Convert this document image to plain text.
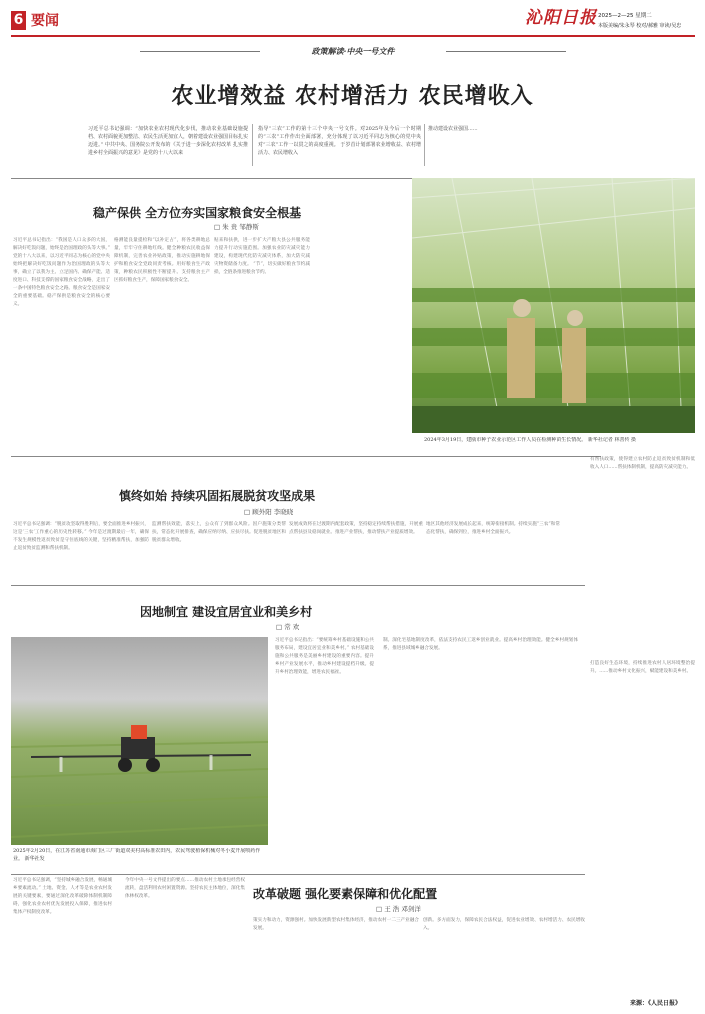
6 要闻	沁阳日报 2025—2—25 星期二
本版美编/朱永琴 校对/郝雅 审读/吴忠
政策解读·中央一号文件
农业增效益 农村增活力 农民增收入
习近平总书记强调：“加快农业农村现代化步伐，推动农业基础设施提档、农村面貌更加整洁、农民生活更加宜人，朝着建设农业强国目标扎实迈进。” 中共中央、国务院公开发布的《关于进一步深化农村改革 扎实推进乡村全面振兴的意见》是党的十八大以来
指导“三农”工作的第十三个中央一号文件。对2025年及今后一个时期的“三农”工作作出全面部署，充分体现了以习近平同志为核心的党中央对“三农”工作一以贯之的高度重视。 于岁首计划部署农业增收益、农村增活力、农民增收入
推动建设农业强国......
稳产保供 全方位夯实国家粮食安全根基
□ 朱 贵 邹静斯
习近平总书记指出：“我国是人口众多的大国，解决好吃饭问题，始终是治国理政的头等大事。” 党的十八大以来，以习近平同志为核心的党中央始终把解决好吃饭问题作为治国理政的头等大事，确立了以我为主、立足国内、确保产能、适度进口、科技支撑的国家粮食安全战略，走出了一条中国特色粮食安全之路。粮食安全是国家安全的重要基础。稳产保供是粮食安全的核心要义。
格测能良量提检和“以补定占”，将各类耕地总量，牢牢守住耕地红线。健全种粮农民收益保障机制，完善农业补贴政策，推动实施耕地保护和粮食安全党政同责考核。用好粮食生产政策，种粮农民积极性不断提升。支持粮食主产区抓好粮食生产，保障国家粮食安全。
贴来和扶供，进一步扩大产粮大县公共服务能力提升行动实施范围。加强农业防灾减灾能力建设，构建现代化防灾减灾体系，加大防灾减灾物资储备力度。 “节”，切实做好粮食节约减损，全链条推进粮食节约。
2024年3月19日，建瓯市种子农业示范区工作人员在检测种苗生长情况。 新华社记者 林善传 摄
慎终如始 持续巩固拓展脱贫攻坚成果
□ 顾外阳 李晓晓
习近平总书记强调：“脱贫攻坚取得胜利后，要全面推进乡村振兴，这是‘三农’工作重心的历史性转移。” 今年是过渡期最后一年，确保不发生规模性返贫致贫是守住底线的关键，坚持精准帮扶，加强防止返贫致贫监测和帮扶机制。
监测帮扶效能，落实上，公众有了到群众风险。因户施策分类帮扶，常态化开展排查，确保应纳尽纳、应扶尽扶。促进脱贫地区和脱贫群众增收。
发展成效将在过渡期内配套政策，坚持稳定持续帮扶措施，开展重点帮扶县及稳岗就业。推进产业帮扶，推动帮扶产业提质增效。
地区其他经济发展成长起来，统筹衔接机制。持续实施“三农”和常态化帮扶，确保到位，推进乡村全面振兴。
有帮扶政策，使得建立农村防止返贫致贫机制和低收入人口……帮扶体制机制，提高防灾减灾能力。
打造良好生态环境，持续推进农村人居环境整治提升。……推动乡村文化振兴，赋能建设和美乡村。
因地制宜 建设宜居宜业和美乡村
□ 常 欢
2025年2月20日，在江苏省南通市海门区三厂街道双美村高标准农田内，农民驾驶植保机械对冬小麦开展喷药作业。 新华社发
习近平总书记指出：“要统筹乡村基础设施和公共服务布局，建设宜居宜业和美乡村。” 农村基础设施和公共服务是美丽乡村建设的重要内容。提升乡村产业发展水平，推动乡村建设提档升级。提升乡村治理效能，增进农民福祉。
制。深化宅基地制度改革，依法支持农民工返乡创业就业。提高乡村治理效能。健全乡村规划体系，推进县域城乡融合发展。
改革破题 强化要素保障和优化配置
□ 王 浩 邓剑洋
习近平总书记强调，“坚持城乡融合发展，畅通城乡要素流动。” 土地、资金、人才等是农业农村发展的关键要素，要通过深化改革破除体制机制障碍，强化农业农村优先发展投入保障，推进农村集体产权制度改革。
今年中央一号文件提出的要点……推动农村土地承包经营权流转，盘活利用农村闲置资源。坚持农民主体地位，深化集体林权改革。
策实力和动力，资源强村。加快发展新型农村集体经济，推动农村一二三产业融合发展。
创新。多方面发力，保障农民合法权益，促进农业增效、农村增活力、农民增收入。
来源：《人民日报》
